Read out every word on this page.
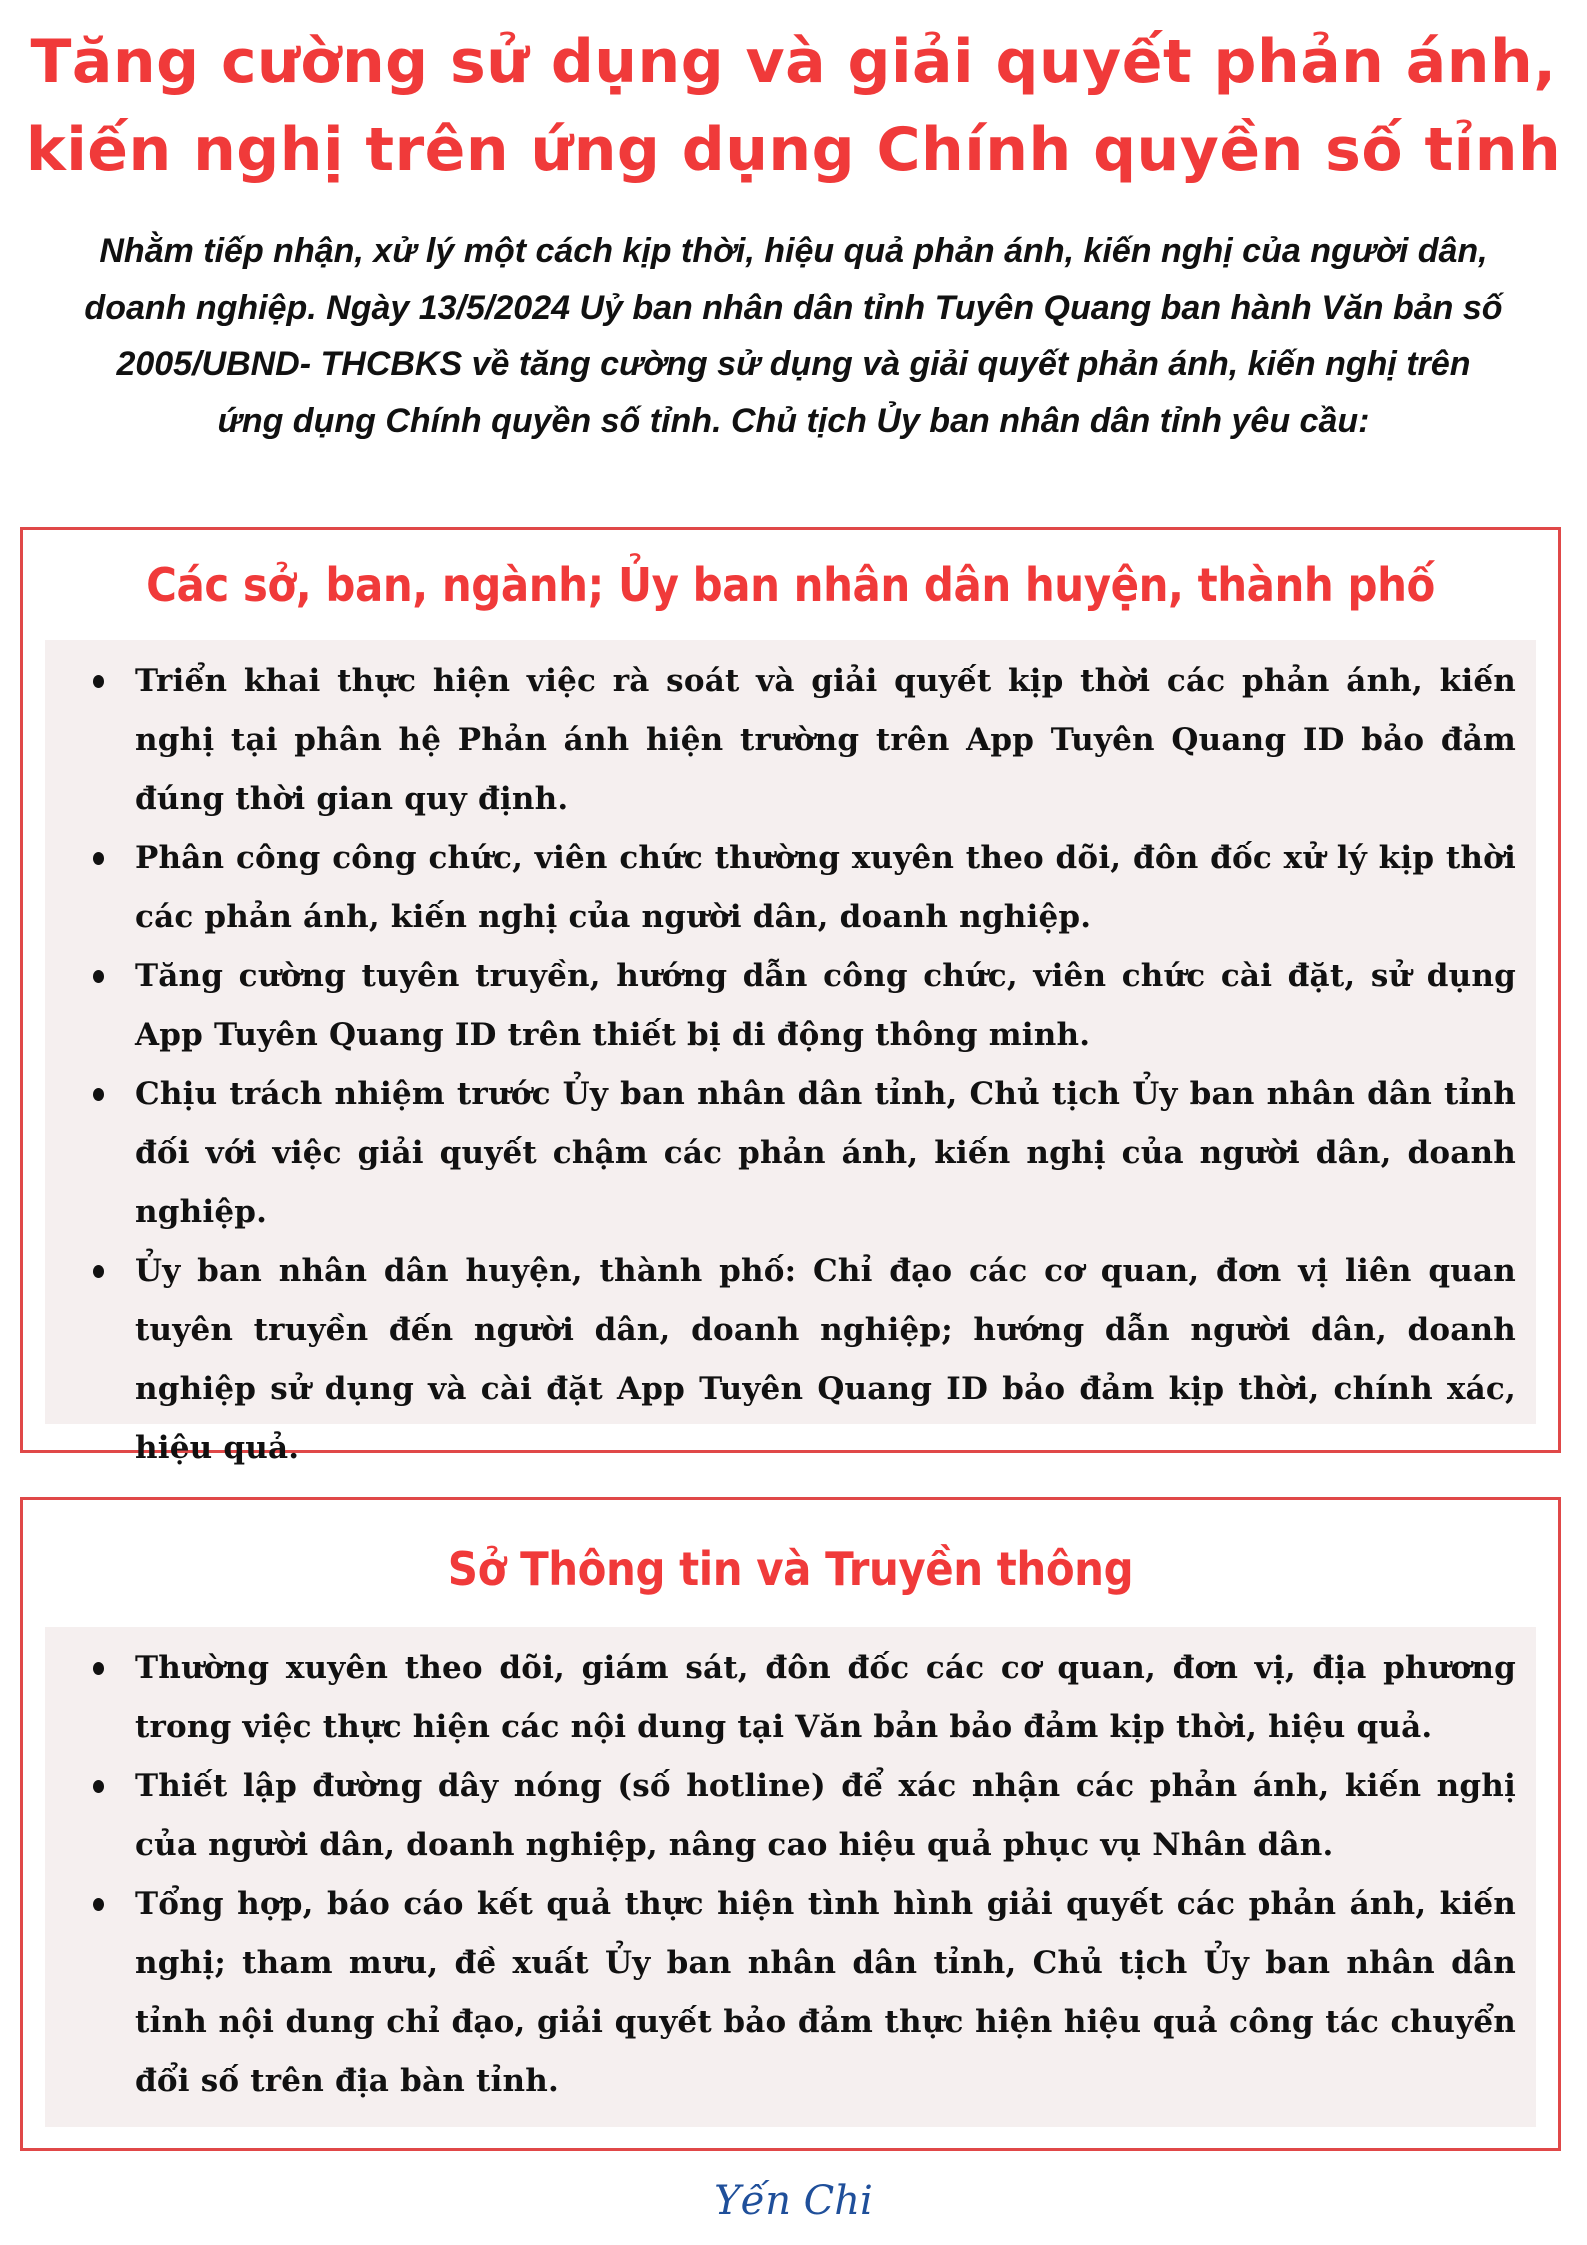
Tăng cường sử dụng và giải quyết phản ánh,
kiến nghị trên ứng dụng Chính quyền số tỉnh
Nhằm tiếp nhận, xử lý một cách kịp thời, hiệu quả phản ánh, kiến nghị của người dân,
doanh nghiệp. Ngày 13/5/2024 Uỷ ban nhân dân tỉnh Tuyên Quang ban hành Văn bản số
2005/UBND- THCBKS về tăng cường sử dụng và giải quyết phản ánh, kiến nghị trên
ứng dụng Chính quyền số tỉnh. Chủ tịch Ủy ban nhân dân tỉnh yêu cầu:
Các sở, ban, ngành; Ủy ban nhân dân huyện, thành phố
Triển khai thực hiện việc rà soát và giải quyết kịp thời các phản ánh, kiến nghị tại phân hệ Phản ánh hiện trường trên App Tuyên Quang ID bảo đảm đúng thời gian quy định.
Phân công công chức, viên chức thường xuyên theo dõi, đôn đốc xử lý kịp thời các phản ánh, kiến nghị của người dân, doanh nghiệp.
Tăng cường tuyên truyền, hướng dẫn công chức, viên chức cài đặt, sử dụng App Tuyên Quang ID trên thiết bị di động thông minh.
Chịu trách nhiệm trước Ủy ban nhân dân tỉnh, Chủ tịch Ủy ban nhân dân tỉnh đối với việc giải quyết chậm các phản ánh, kiến nghị của người dân, doanh nghiệp.
Ủy ban nhân dân huyện, thành phố: Chỉ đạo các cơ quan, đơn vị liên quan tuyên truyền đến người dân, doanh nghiệp; hướng dẫn người dân, doanh nghiệp sử dụng và cài đặt App Tuyên Quang ID bảo đảm kịp thời, chính xác, hiệu quả.
Sở Thông tin và Truyền thông
Thường xuyên theo dõi, giám sát, đôn đốc các cơ quan, đơn vị, địa phương trong việc thực hiện các nội dung tại Văn bản bảo đảm kịp thời, hiệu quả.
Thiết lập đường dây nóng (số hotline) để xác nhận các phản ánh, kiến nghị của người dân, doanh nghiệp, nâng cao hiệu quả phục vụ Nhân dân.
Tổng hợp, báo cáo kết quả thực hiện tình hình giải quyết các phản ánh, kiến nghị; tham mưu, đề xuất Ủy ban nhân dân tỉnh, Chủ tịch Ủy ban nhân dân tỉnh nội dung chỉ đạo, giải quyết bảo đảm thực hiện hiệu quả công tác chuyển đổi số trên địa bàn tỉnh.
Yến Chi
